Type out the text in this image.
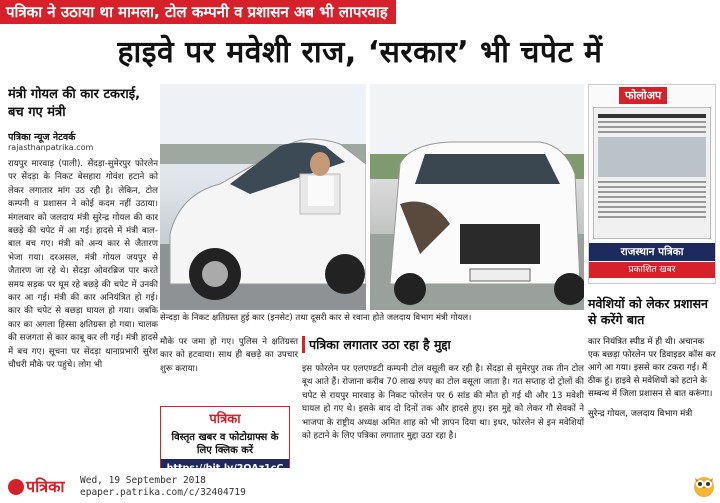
पत्रिका ने उठाया था मामला, टोल कम्पनी व प्रशासन अब भी लापरवाह
हाइवे पर मवेशी राज, ‘सरकार’ भी चपेट में
मंत्री गोयल की कार टकराई, बच गए मंत्री
पत्रिका न्यूज नेटवर्क
rajasthanpatrika.com
रायपुर मारवाड़ (पाली). सेंदड़ा-सुमेरपुर फोरलेन पर सेंदड़ा के निकट बेसहारा गोवंश हटाने को लेकर लगातार मांग उठ रही है। लेकिन, टोल कम्पनी व प्रशासन ने कोई कदम नहीं उठाया। मंगलवार को जलदाय मंत्री सुरेन्द्र गोयल की कार बछड़े की चपेट में आ गई। हादसे में मंत्री बाल-बाल बच गए। मंत्री को अन्य कार से जैतारण भेजा गया। दरअसल, मंत्री गोयल जयपुर से जैतारण जा रहे थे। सेंदड़ा ओवरब्रिज पार करते समय सड़क पर घूम रहे बछड़े की चपेट में उनकी कार आ गई। मंत्री की कार अनियंत्रित हो गई। कार की चपेट से बछड़ा घायल हो गया। जबकि कार का अगला हिस्सा क्षतिग्रस्त हो गया। चालक की सजगता से कार काबू कर ली गई। मंत्री हादसे में बच गए। सूचना पर सेंदड़ा थानाप्रभारी सुरेश चौधरी मौके पर पहुंचे। लोग भी
सेन्दड़ा के निकट क्षतिग्रस्त हुई कार (इनसेट) तथा दूसरी कार से रवाना होते जलदाय विभाग मंत्री गोयल।
मौके पर जमा हो गए। पुलिस ने क्षतिग्रस्त कार को हटवाया। साथ ही बछड़े का उपचार शुरू कराया।
पत्रिका
विस्तृत खबर व फोटोग्राफ्स के लिए क्लिक करें
पत्रिका लगातार उठा रहा है मुद्दा
इस फोरलेन पर एलएण्डटी कम्पनी टोल वसूली कर रही है। सेंदड़ा से सुमेरपुर तक तीन टोल बूथ आते हैं। रोजाना करीब 70 लाख रुपए का टोल वसूला जाता है। गत सप्ताह दो ट्रोलों की चपेट से रायपुर मारवाड़ के निकट फोरलेन पर 6 सांड की मौत हो गई थी और 13 मवेशी घायल हो गए थे। इसके बाद दो दिनों तक और हादसे हुए। इस मुद्दे को लेकर गौ सेवकों ने भाजपा के राष्ट्रीय अध्यक्ष अमित शाह को भी ज्ञापन दिया था। इधर, फोरलेन से इन मवेशियों को हटाने के लिए पत्रिका लगातार मुद्दा उठा रहा है।
फोलोअप
राजस्थान पत्रिका
प्रकाशित खबर
मवेशियों को लेकर प्रशासन से करेंगे बात
कार नियंत्रित स्पीड में ही थी। अचानक एक बछड़ा फोरलेन पर डिवाइडर कॉस कर आगे आ गया। इससे कार टकरा गई। मैं ठीक हूं। हाइवे से मवेशियों को हटाने के सम्बन्ध में जिला प्रशासन से बात करूंगा।
सुरेन्द्र गोयल, जलदाय विभाग मंत्री
पत्रिका	Wed, 19 September 2018
epaper.patrika.com/c/32404719
